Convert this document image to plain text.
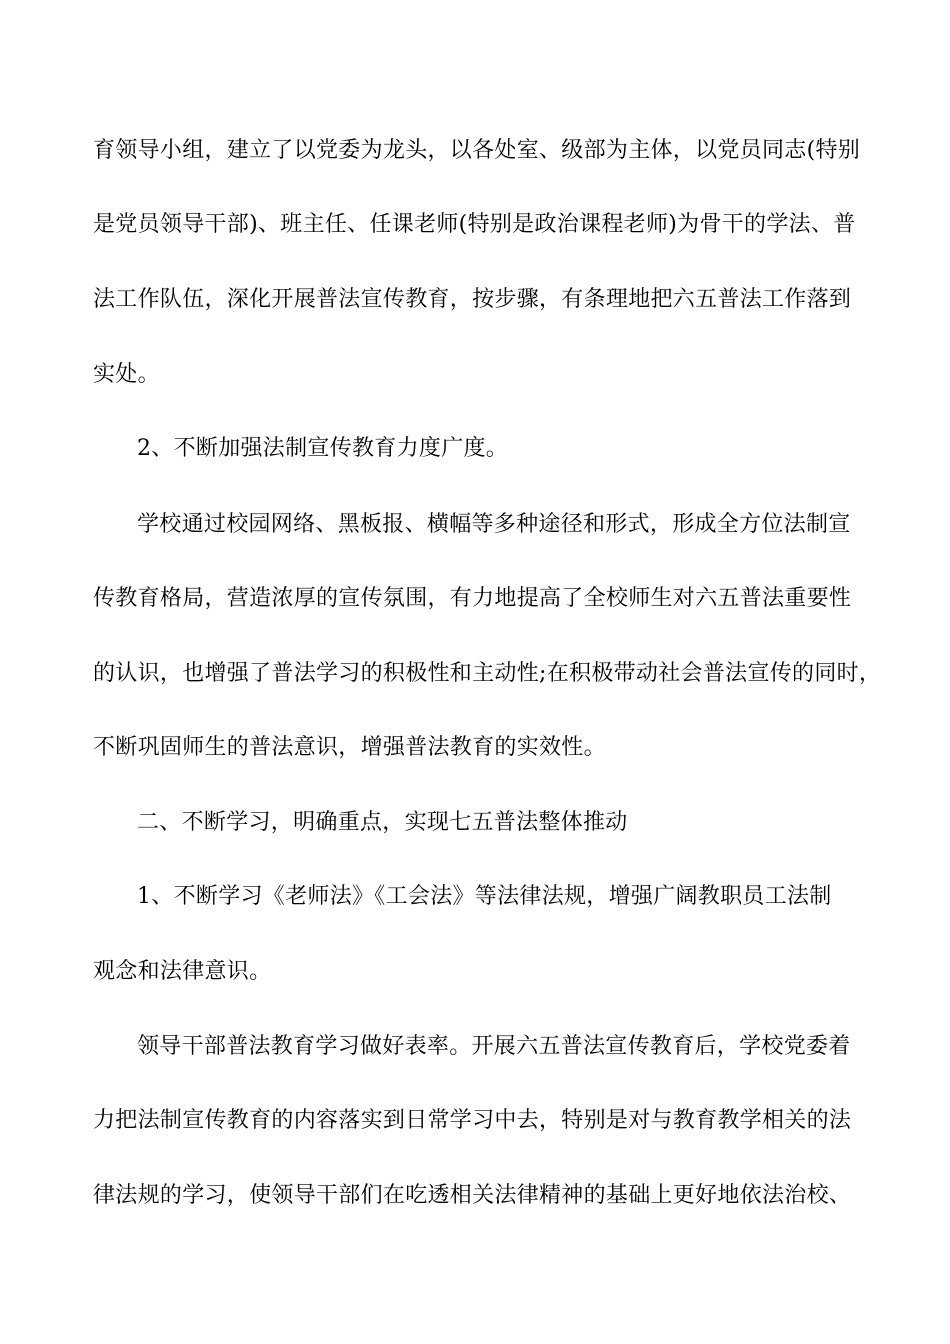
育领导小组，建立了以党委为龙头，以各处室、级部为主体，以党员同志(特别
是党员领导干部)、班主任、任课老师(特别是政治课程老师)为骨干的学法、普
法工作队伍，深化开展普法宣传教育，按步骤，有条理地把六五普法工作落到
实处。
2、不断加强法制宣传教育力度广度。
学校通过校园网络、黑板报、横幅等多种途径和形式，形成全方位法制宣
传教育格局，营造浓厚的宣传氛围，有力地提高了全校师生对六五普法重要性
的认识，也增强了普法学习的积极性和主动性;在积极带动社会普法宣传的同时，
不断巩固师生的普法意识，增强普法教育的实效性。
二、不断学习，明确重点，实现七五普法整体推动
1、不断学习《老师法》《工会法》等法律法规，增强广阔教职员工法制
观念和法律意识。
领导干部普法教育学习做好表率。开展六五普法宣传教育后，学校党委着
力把法制宣传教育的内容落实到日常学习中去，特别是对与教育教学相关的法
律法规的学习，使领导干部们在吃透相关法律精神的基础上更好地依法治校、
